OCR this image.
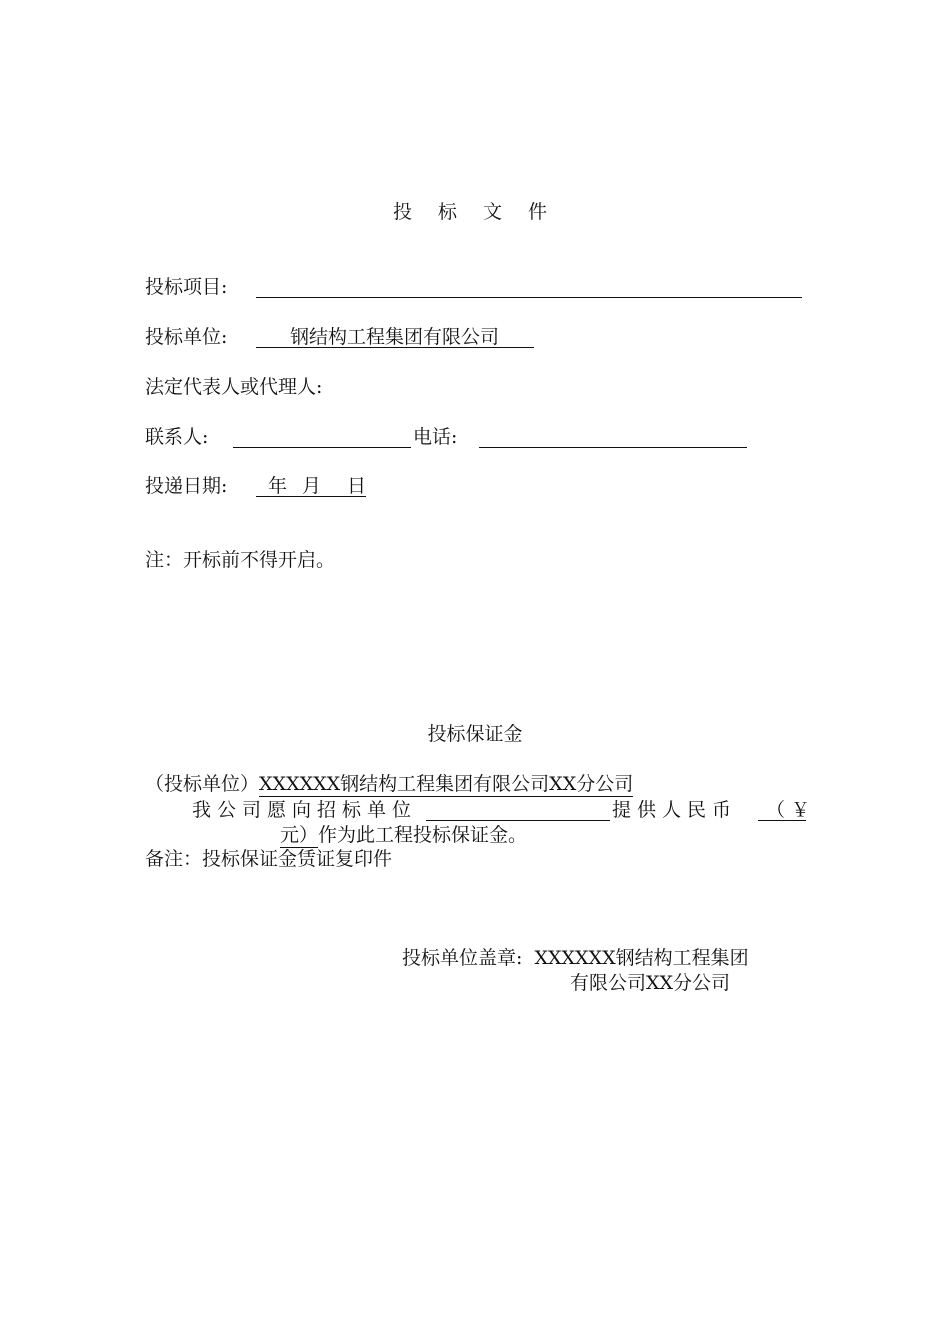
投 标 文 件
投标项目:
投标单位:	钢结构工程集团有限公司
法定代表人或代理人:
联系人:	电话:
投递日期: 年 月 日
注：开标前不得开启。
投标保证金
（投标单位）XXXXXX钢结构工程集团有限公司XX分公司
我公司愿向招标单位	提供人民币 （ ￥
元）作为此工程投标保证金。
备注：投标保证金赁证复印件
投标单位盖章: XXXXXX钢结构工程集团
有限公司XX分公司
